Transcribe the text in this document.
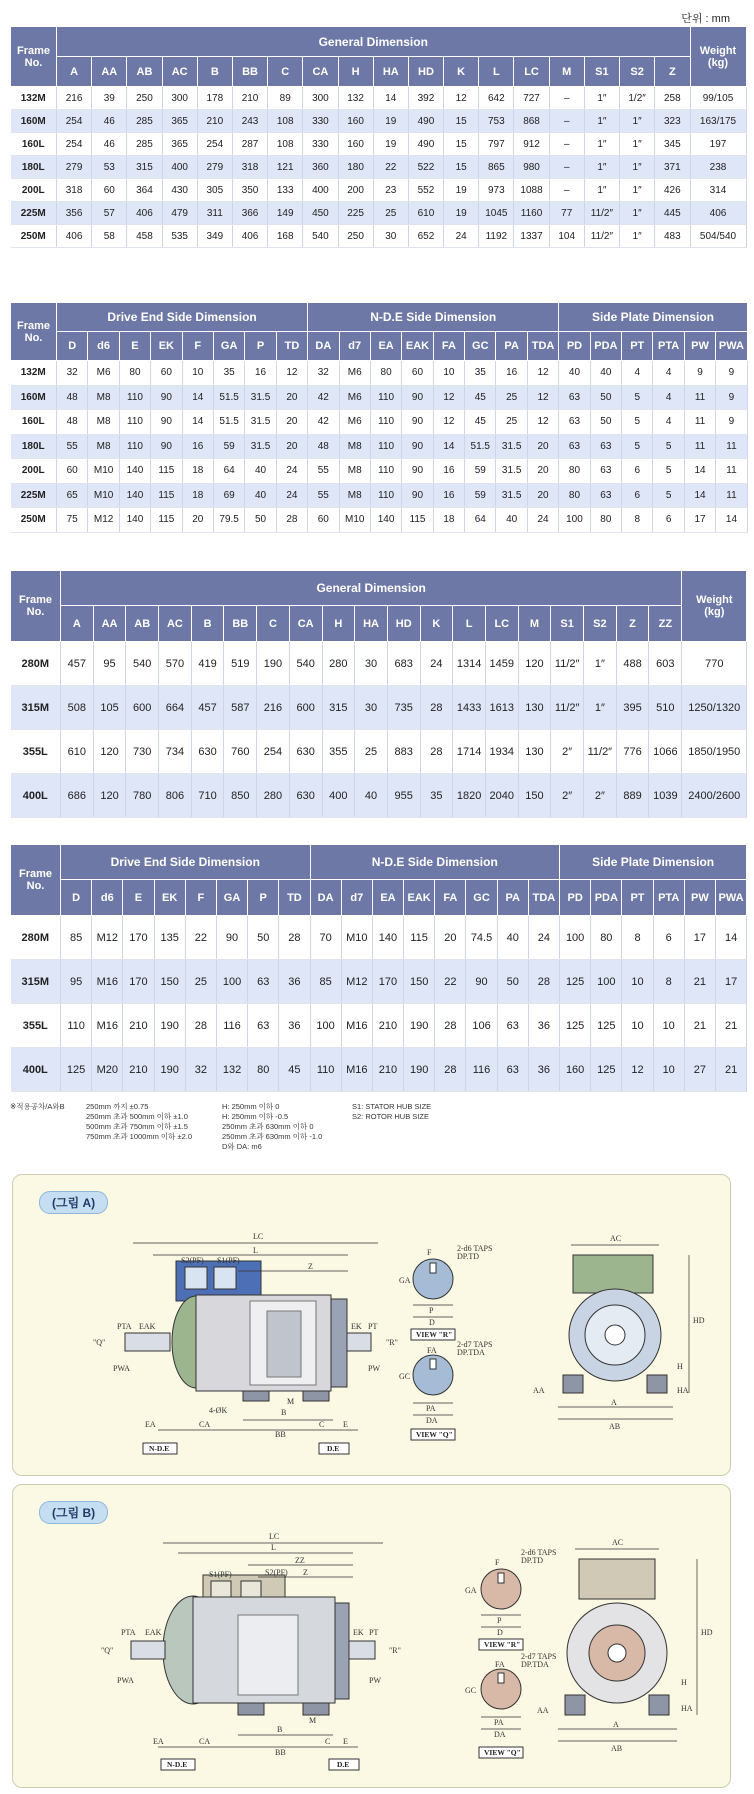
단위 : mm
Frame
No.	General Dimension																		Weight
(kg)
	A	AA	AB	AC	B	BB	C	CA	H	HA	HD	K	L	LC	M	S1	S2	Z	
132M	216	39	250	300	178	210	89	300	132	14	392	12	642	727	–	1″	1/2″	258	99/105
160M	254	46	285	365	210	243	108	330	160	19	490	15	753	868	–	1″	1″	323	163/175
160L	254	46	285	365	254	287	108	330	160	19	490	15	797	912	–	1″	1″	345	197
180L	279	53	315	400	279	318	121	360	180	22	522	15	865	980	–	1″	1″	371	238
200L	318	60	364	430	305	350	133	400	200	23	552	19	973	1088	–	1″	1″	426	314
225M	356	57	406	479	311	366	149	450	225	25	610	19	1045	1160	77	11/2″	1″	445	406
250M	406	58	458	535	349	406	168	540	250	30	652	24	1192	1337	104	11/2″	1″	483	504/540
Frame
No.	Drive End Side Dimension								N-D.E Side Dimension								Side Plate Dimension					
	D	d6	E	EK	F	GA	P	TD	DA	d7	EA	EAK	FA	GC	PA	TDA	PD	PDA	PT	PTA	PW	PWA
132M	32	M6	80	60	10	35	16	12	32	M6	80	60	10	35	16	12	40	40	4	4	9	9
160M	48	M8	110	90	14	51.5	31.5	20	42	M6	110	90	12	45	25	12	63	50	5	4	11	9
160L	48	M8	110	90	14	51.5	31.5	20	42	M6	110	90	12	45	25	12	63	50	5	4	11	9
180L	55	M8	110	90	16	59	31.5	20	48	M8	110	90	14	51.5	31.5	20	63	63	5	5	11	11
200L	60	M10	140	115	18	64	40	24	55	M8	110	90	16	59	31.5	20	80	63	6	5	14	11
225M	65	M10	140	115	18	69	40	24	55	M8	110	90	16	59	31.5	20	80	63	6	5	14	11
250M	75	M12	140	115	20	79.5	50	28	60	M10	140	115	18	64	40	24	100	80	8	6	17	14
Frame
No.	General Dimension																			Weight
(kg)
	A	AA	AB	AC	B	BB	C	CA	H	HA	HD	K	L	LC	M	S1	S2	Z	ZZ	
280M	457	95	540	570	419	519	190	540	280	30	683	24	1314	1459	120	11/2″	1″	488	603	770
315M	508	105	600	664	457	587	216	600	315	30	735	28	1433	1613	130	11/2″	1″	395	510	1250/1320
355L	610	120	730	734	630	760	254	630	355	25	883	28	1714	1934	130	2″	11/2″	776	1066	1850/1950
400L	686	120	780	806	710	850	280	630	400	40	955	35	1820	2040	150	2″	2″	889	1039	2400/2600
Frame
No.	Drive End Side Dimension								N-D.E Side Dimension								Side Plate Dimension					
	D	d6	E	EK	F	GA	P	TD	DA	d7	EA	EAK	FA	GC	PA	TDA	PD	PDA	PT	PTA	PW	PWA
280M	85	M12	170	135	22	90	50	28	70	M10	140	115	20	74.5	40	24	100	80	8	6	17	14
315M	95	M16	170	150	25	100	63	36	85	M12	170	150	22	90	50	28	125	100	10	8	21	17
355L	110	M16	210	190	28	116	63	36	100	M16	210	190	28	106	63	36	125	125	10	10	21	21
400L	125	M20	210	190	32	132	80	45	110	M16	210	190	28	116	63	36	160	125	12	10	27	21
※적용공차/A와B	250mm 까지 ±0.75
250mm 초과 500mm 이하 ±1.0
500mm 초과 750mm 이하 ±1.5
750mm 초과 1000mm 이하 ±2.0
H: 250mm 이하 0
H: 250mm 이하 -0.5
250mm 초과 630mm 이하 0
250mm 초과 630mm 이하 -1.0
D와 DA: m6
S1: STATOR HUB SIZE
S2: ROTOR HUB SIZE
LC
L
Z
S2(PF) S1(PF)
PTA EAK
PWA
EK PT
PW
"Q"	"R"
4-ØK
EA	CA
B
M
C E
BB
N-D.E	D.E
F	2-d6 TAPS
DP.TD
GA
P
D
VIEW "R"
FA
2-d7 TAPS
DP.TDA
GC
PA
DA
VIEW "Q"
AC
HD
H
HA
AA
A
AB
(그림 A)
LC
L
ZZ
Z
S1(PF)	S2(PF)
PTA EAK
PWA
EK PT
PW
"Q"	"R"
M
EA	CA
B
C E
BB
N-D.E	D.E
F
2-d6 TAPS
DP.TD
GA
P
D
VIEW "R"
FA
2-d7 TAPS
DP.TDA
GC
PA
DA
VIEW "Q"
AC
HD
H
HA
AA
A
AB
(그림 B)
